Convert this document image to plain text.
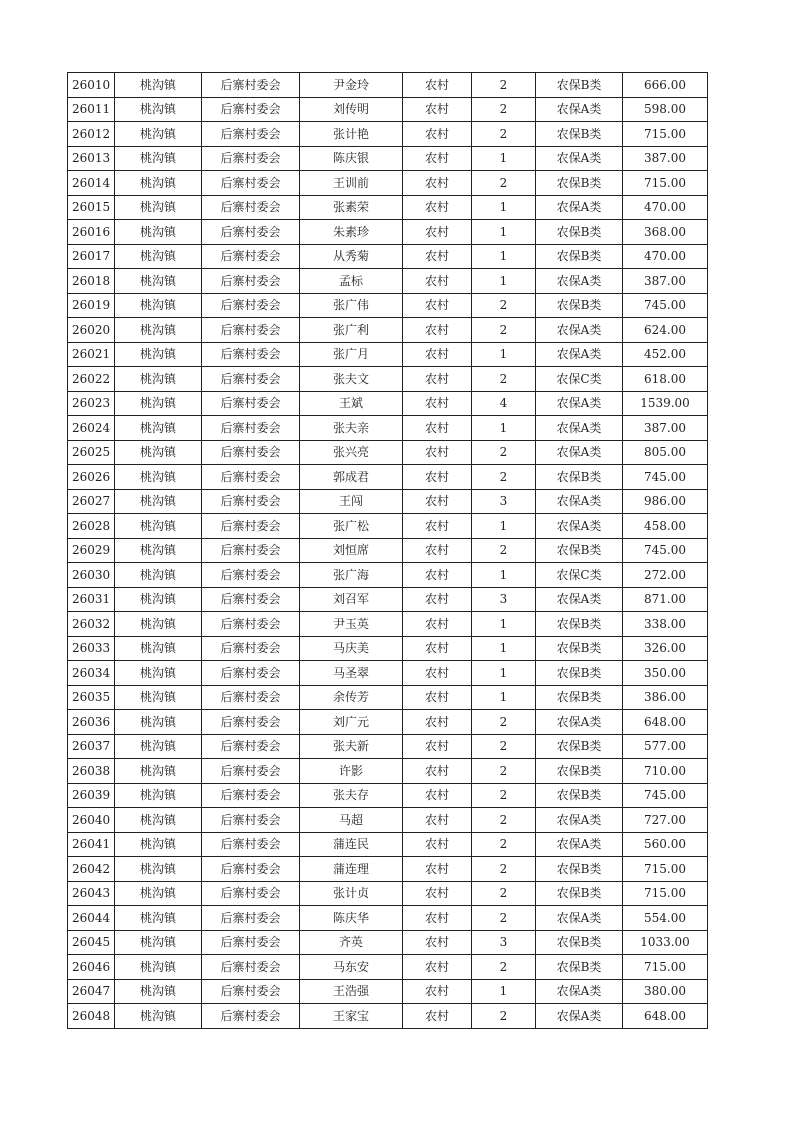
26010	桃沟镇	后寨村委会	尹金玲	农村	2	农保B类	666.00
26011	桃沟镇	后寨村委会	刘传明	农村	2	农保A类	598.00
26012	桃沟镇	后寨村委会	张计艳	农村	2	农保B类	715.00
26013	桃沟镇	后寨村委会	陈庆银	农村	1	农保A类	387.00
26014	桃沟镇	后寨村委会	王训前	农村	2	农保B类	715.00
26015	桃沟镇	后寨村委会	张素荣	农村	1	农保A类	470.00
26016	桃沟镇	后寨村委会	朱素珍	农村	1	农保B类	368.00
26017	桃沟镇	后寨村委会	从秀菊	农村	1	农保B类	470.00
26018	桃沟镇	后寨村委会	孟标	农村	1	农保A类	387.00
26019	桃沟镇	后寨村委会	张广伟	农村	2	农保B类	745.00
26020	桃沟镇	后寨村委会	张广利	农村	2	农保A类	624.00
26021	桃沟镇	后寨村委会	张广月	农村	1	农保A类	452.00
26022	桃沟镇	后寨村委会	张夫文	农村	2	农保C类	618.00
26023	桃沟镇	后寨村委会	王斌	农村	4	农保A类	1539.00
26024	桃沟镇	后寨村委会	张夫亲	农村	1	农保A类	387.00
26025	桃沟镇	后寨村委会	张兴亮	农村	2	农保A类	805.00
26026	桃沟镇	后寨村委会	郭成君	农村	2	农保B类	745.00
26027	桃沟镇	后寨村委会	王闯	农村	3	农保A类	986.00
26028	桃沟镇	后寨村委会	张广松	农村	1	农保A类	458.00
26029	桃沟镇	后寨村委会	刘恒席	农村	2	农保B类	745.00
26030	桃沟镇	后寨村委会	张广海	农村	1	农保C类	272.00
26031	桃沟镇	后寨村委会	刘召军	农村	3	农保A类	871.00
26032	桃沟镇	后寨村委会	尹玉英	农村	1	农保B类	338.00
26033	桃沟镇	后寨村委会	马庆美	农村	1	农保B类	326.00
26034	桃沟镇	后寨村委会	马圣翠	农村	1	农保B类	350.00
26035	桃沟镇	后寨村委会	余传芳	农村	1	农保B类	386.00
26036	桃沟镇	后寨村委会	刘广元	农村	2	农保A类	648.00
26037	桃沟镇	后寨村委会	张夫新	农村	2	农保B类	577.00
26038	桃沟镇	后寨村委会	许影	农村	2	农保B类	710.00
26039	桃沟镇	后寨村委会	张夫存	农村	2	农保B类	745.00
26040	桃沟镇	后寨村委会	马超	农村	2	农保A类	727.00
26041	桃沟镇	后寨村委会	蒲连民	农村	2	农保A类	560.00
26042	桃沟镇	后寨村委会	蒲连理	农村	2	农保B类	715.00
26043	桃沟镇	后寨村委会	张计贞	农村	2	农保B类	715.00
26044	桃沟镇	后寨村委会	陈庆华	农村	2	农保A类	554.00
26045	桃沟镇	后寨村委会	齐英	农村	3	农保B类	1033.00
26046	桃沟镇	后寨村委会	马东安	农村	2	农保B类	715.00
26047	桃沟镇	后寨村委会	王浩强	农村	1	农保A类	380.00
26048	桃沟镇	后寨村委会	王家宝	农村	2	农保A类	648.00
